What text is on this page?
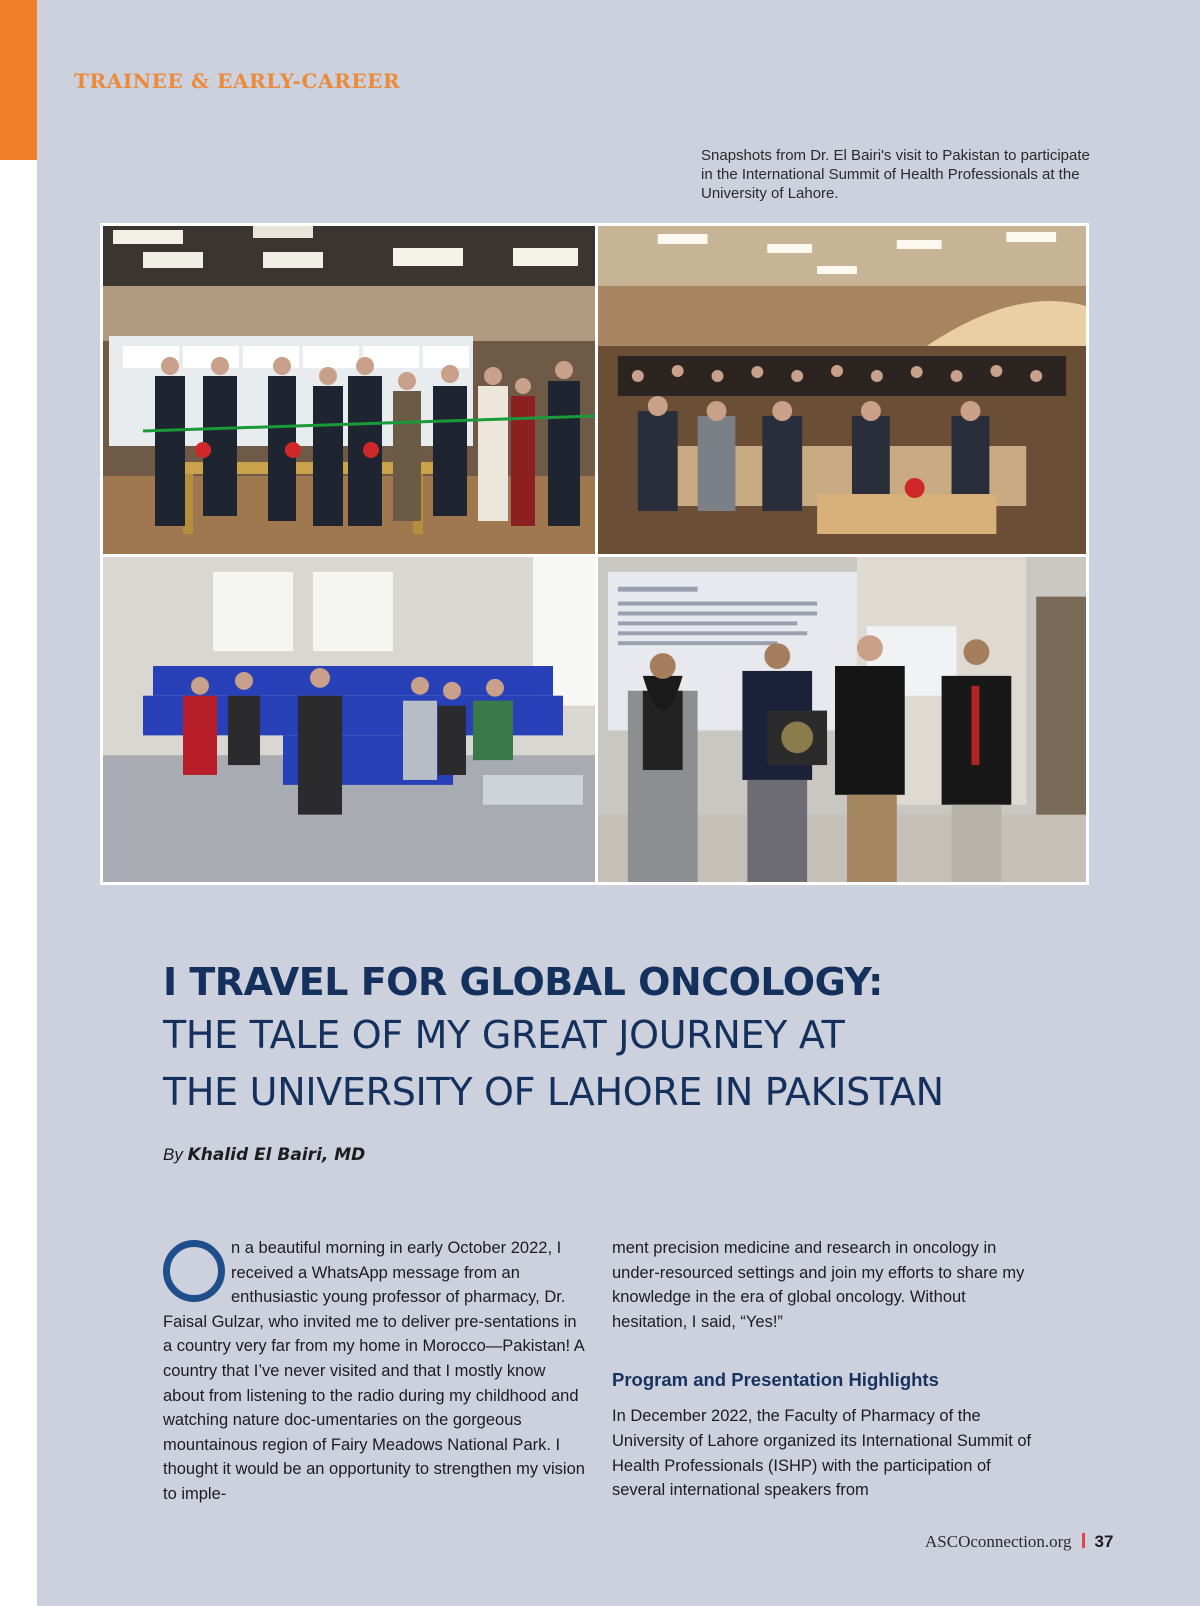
TRAINEE & EARLY-CAREER
Snapshots from Dr. El Bairi's visit to Pakistan to participate in the International Summit of Health Professionals at the University of Lahore.
I TRAVEL FOR GLOBAL ONCOLOGY:
THE TALE OF MY GREAT JOURNEY AT
THE UNIVERSITY OF LAHORE IN PAKISTAN
By Khalid El Bairi, MD

n a beautiful morning in early October 2022, I received a WhatsApp message from an enthusiastic young professor of pharmacy, Dr. Faisal Gulzar, who invited me to deliver pre-sentations in a country very far from my home in Morocco—Pakistan! A country that I’ve never visited and that I mostly know about from listening to the radio during my childhood and watching nature doc-umentaries on the gorgeous mountainous region of Fairy Meadows National Park. I thought it would be an opportunity to strengthen my vision to imple-

ment precision medicine and research in oncology in under-resourced settings and join my efforts to share my knowledge in the era of global oncology. Without hesitation, I said, “Yes!”

Program and Presentation Highlights

In December 2022, the Faculty of Pharmacy of the University of Lahore organized its International Summit of Health Professionals (ISHP) with the participation of several international speakers from

ASCOconnection.org 37
